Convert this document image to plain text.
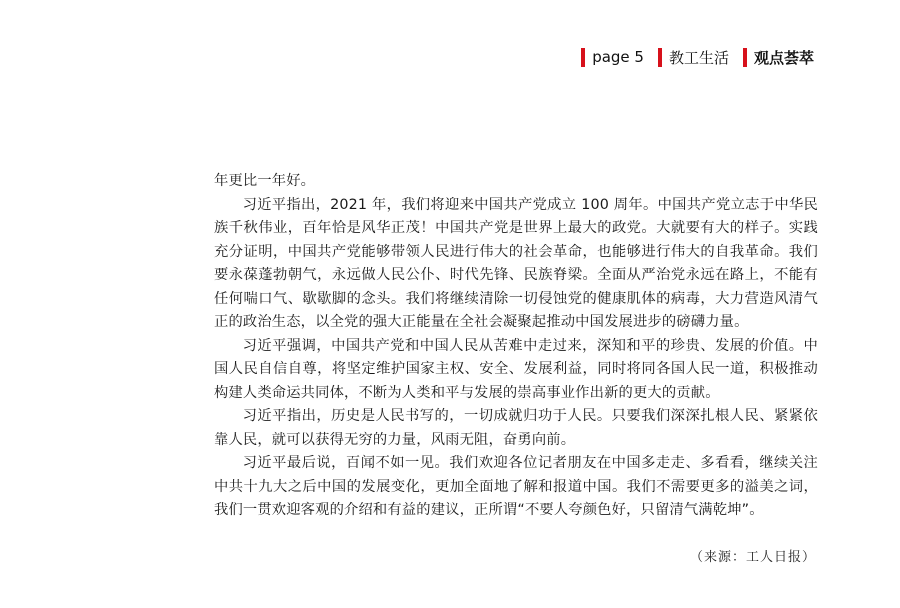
page 5 教工生活 观点荟萃

年更比一年好。

习近平指出，2021 年，我们将迎来中国共产党成立 100 周年。中国共产党立志于中华民族千秋伟业，百年恰是风华正茂！中国共产党是世界上最大的政党。大就要有大的样子。实践充分证明，中国共产党能够带领人民进行伟大的社会革命，也能够进行伟大的自我革命。我们要永葆蓬勃朝气，永远做人民公仆、时代先锋、民族脊梁。全面从严治党永远在路上，不能有任何喘口气、歇歇脚的念头。我们将继续清除一切侵蚀党的健康肌体的病毒，大力营造风清气正的政治生态，以全党的强大正能量在全社会凝聚起推动中国发展进步的磅礴力量。

习近平强调，中国共产党和中国人民从苦难中走过来，深知和平的珍贵、发展的价值。中国人民自信自尊，将坚定维护国家主权、安全、发展利益，同时将同各国人民一道，积极推动构建人类命运共同体，不断为人类和平与发展的崇高事业作出新的更大的贡献。

习近平指出，历史是人民书写的，一切成就归功于人民。只要我们深深扎根人民、紧紧依靠人民，就可以获得无穷的力量，风雨无阻，奋勇向前。

习近平最后说，百闻不如一见。我们欢迎各位记者朋友在中国多走走、多看看，继续关注中共十九大之后中国的发展变化，更加全面地了解和报道中国。我们不需要更多的溢美之词，我们一贯欢迎客观的介绍和有益的建议，正所谓“不要人夸颜色好，只留清气满乾坤”。

（来源：工人日报）
